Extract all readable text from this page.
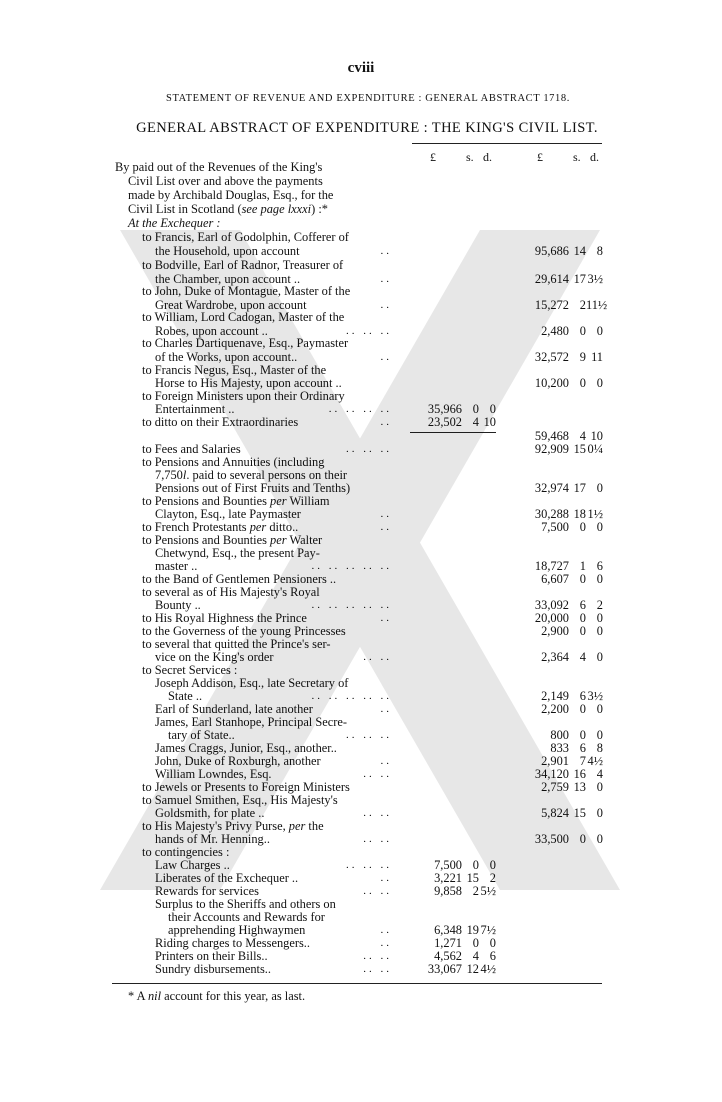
cviii
STATEMENT OF REVENUE AND EXPENDITURE : GENERAL ABSTRACT 1718.
GENERAL ABSTRACT OF EXPENDITURE : THE KING'S CIVIL LIST.
£	s. d.	£	s. d.
By paid out of the Revenues of the King's
Civil List over and above the payments
made by Archibald Douglas, Esq., for the
Civil List in Scotland (see page lxxxi) :*
At the Exchequer :
to Francis, Earl of Godolphin, Cofferer of
the Household, upon account	..	95,686 14 8
to Bodville, Earl of Radnor, Treasurer of
the Chamber, upon account ..	..	29,614 17 3½
to John, Duke of Montague, Master of the
Great Wardrobe, upon account	..	15,272 2 11½
to William, Lord Cadogan, Master of the
Robes, upon account ..	.. .. ..	2,480 0 0
to Charles Dartiquenave, Esq., Paymaster
of the Works, upon account..	..	32,572 9 11
to Francis Negus, Esq., Master of the
Horse to His Majesty, upon account ..	10,200 0 0
to Foreign Ministers upon their Ordinary
Entertainment ..	.. .. .. ..	35,966 0 0
to ditto on their Extraordinaries	..	23,502 4 10
59,468 4 10
to Fees and Salaries	.. .. ..	92,909 15 0¼
to Pensions and Annuities (including
7,750l. paid to several persons on their
Pensions out of First Fruits and Tenths)	32,974 17 0
to Pensions and Bounties per William
Clayton, Esq., late Paymaster	..	30,288 18 1½
to French Protestants per ditto..	..	7,500 0 0
to Pensions and Bounties per Walter
Chetwynd, Esq., the present Pay-
master ..	.. .. .. .. ..	18,727 1 6
to the Band of Gentlemen Pensioners ..	6,607 0 0
to several as of His Majesty's Royal
Bounty ..	.. .. .. .. ..	33,092 6 2
to His Royal Highness the Prince	..	20,000 0 0
to the Governess of the young Princesses	2,900 0 0
to several that quitted the Prince's ser-
vice on the King's order	.. ..	2,364 4 0
to Secret Services :
Joseph Addison, Esq., late Secretary of
State ..	.. .. .. .. ..	2,149 6 3½
Earl of Sunderland, late another	..	2,200 0 0
James, Earl Stanhope, Principal Secre-
tary of State..	.. .. ..	800 0 0
James Craggs, Junior, Esq., another..	833 6 8
John, Duke of Roxburgh, another	..	2,901 7 4½
William Lowndes, Esq.	.. ..	34,120 16 4
to Jewels or Presents to Foreign Ministers	2,759 13 0
to Samuel Smithen, Esq., His Majesty's
Goldsmith, for plate ..	.. ..	5,824 15 0
to His Majesty's Privy Purse, per the
hands of Mr. Henning..	.. ..	33,500 0 0
to contingencies :
Law Charges ..	.. .. ..	7,500 0 0
Liberates of the Exchequer ..	..	3,221 15 2
Rewards for services	.. ..	9,858 2 5½
Surplus to the Sheriffs and others on
their Accounts and Rewards for
apprehending Highwaymen	..	6,348 19 7½
Riding charges to Messengers..	..	1,271 0 0
Printers on their Bills..	.. ..	4,562 4 6
Sundry disbursements..	.. ..	33,067 12 4½
* A nil account for this year, as last.
